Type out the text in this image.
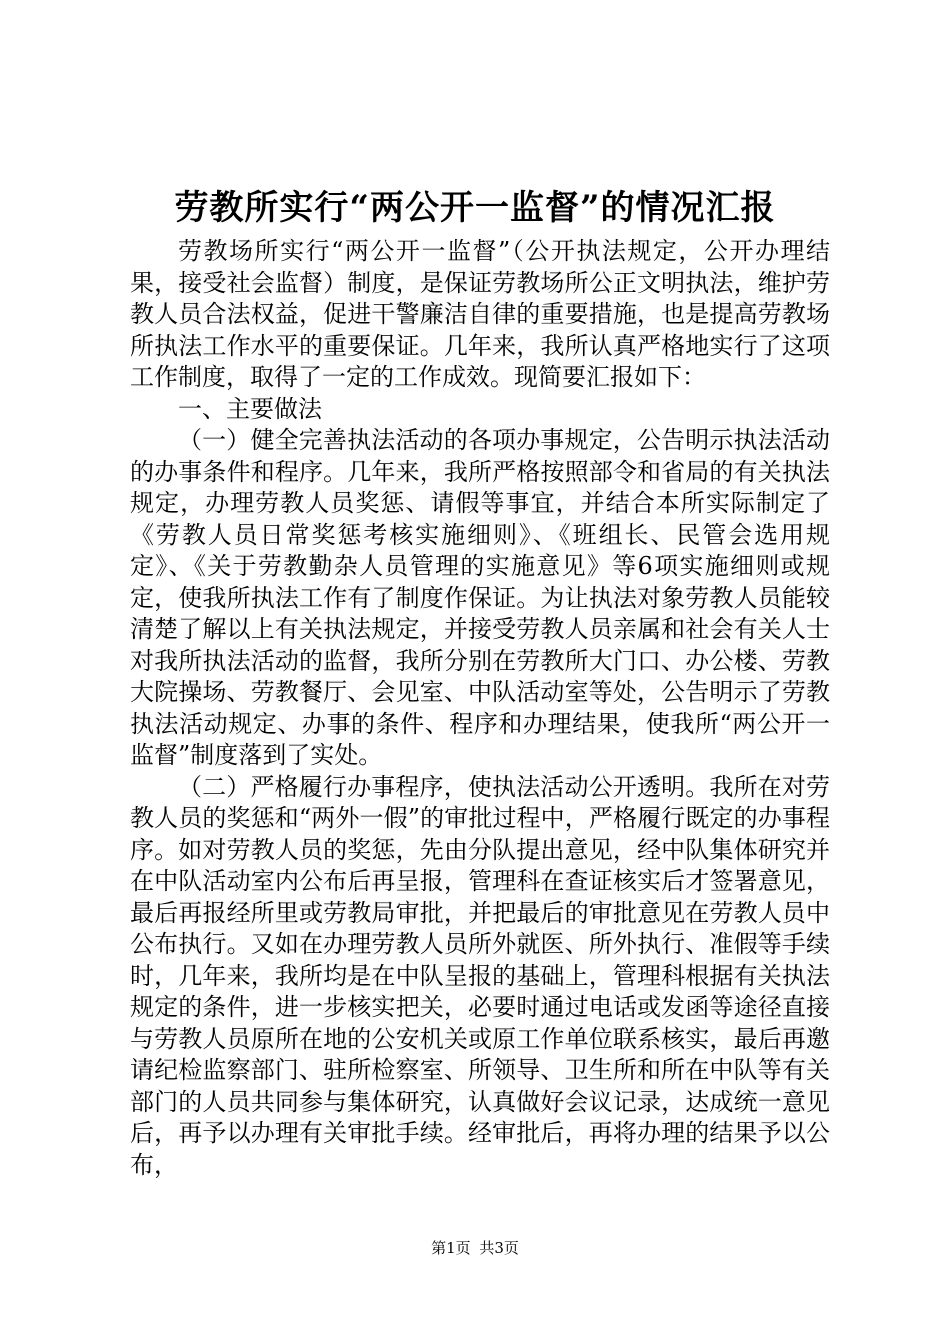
劳教所实行“两公开一监督”的情况汇报

劳教场所实行“两公开一监督”（公开执法规定，公开办理结果，接受社会监督）制度，是保证劳教场所公正文明执法，维护劳教人员合法权益，促进干警廉洁自律的重要措施，也是提高劳教场所执法工作水平的重要保证。几年来，我所认真严格地实行了这项工作制度，取得了一定的工作成效。现简要汇报如下：

一、主要做法

（一）健全完善执法活动的各项办事规定，公告明示执法活动的办事条件和程序。几年来，我所严格按照部令和省局的有关执法规定，办理劳教人员奖惩、请假等事宜，并结合本所实际制定了《劳教人员日常奖惩考核实施细则》、《班组长、民管会选用规定》、《关于劳教勤杂人员管理的实施意见》等6项实施细则或规定，使我所执法工作有了制度作保证。为让执法对象劳教人员能较清楚了解以上有关执法规定，并接受劳教人员亲属和社会有关人士对我所执法活动的监督，我所分别在劳教所大门口、办公楼、劳教大院操场、劳教餐厅、会见室、中队活动室等处，公告明示了劳教执法活动规定、办事的条件、程序和办理结果，使我所“两公开一监督”制度落到了实处。

（二）严格履行办事程序，使执法活动公开透明。我所在对劳教人员的奖惩和“两外一假”的审批过程中，严格履行既定的办事程序。如对劳教人员的奖惩，先由分队提出意见，经中队集体研究并在中队活动室内公布后再呈报，管理科在查证核实后才签署意见，最后再报经所里或劳教局审批，并把最后的审批意见在劳教人员中公布执行。又如在办理劳教人员所外就医、所外执行、准假等手续时，几年来，我所均是在中队呈报的基础上，管理科根据有关执法规定的条件，进一步核实把关，必要时通过电话或发函等途径直接与劳教人员原所在地的公安机关或原工作单位联系核实，最后再邀请纪检监察部门、驻所检察室、所领导、卫生所和所在中队等有关部门的人员共同参与集体研究，认真做好会议记录，达成统一意见后，再予以办理有关审批手续。经审批后，再将办理的结果予以公布，

第1页 共3页
